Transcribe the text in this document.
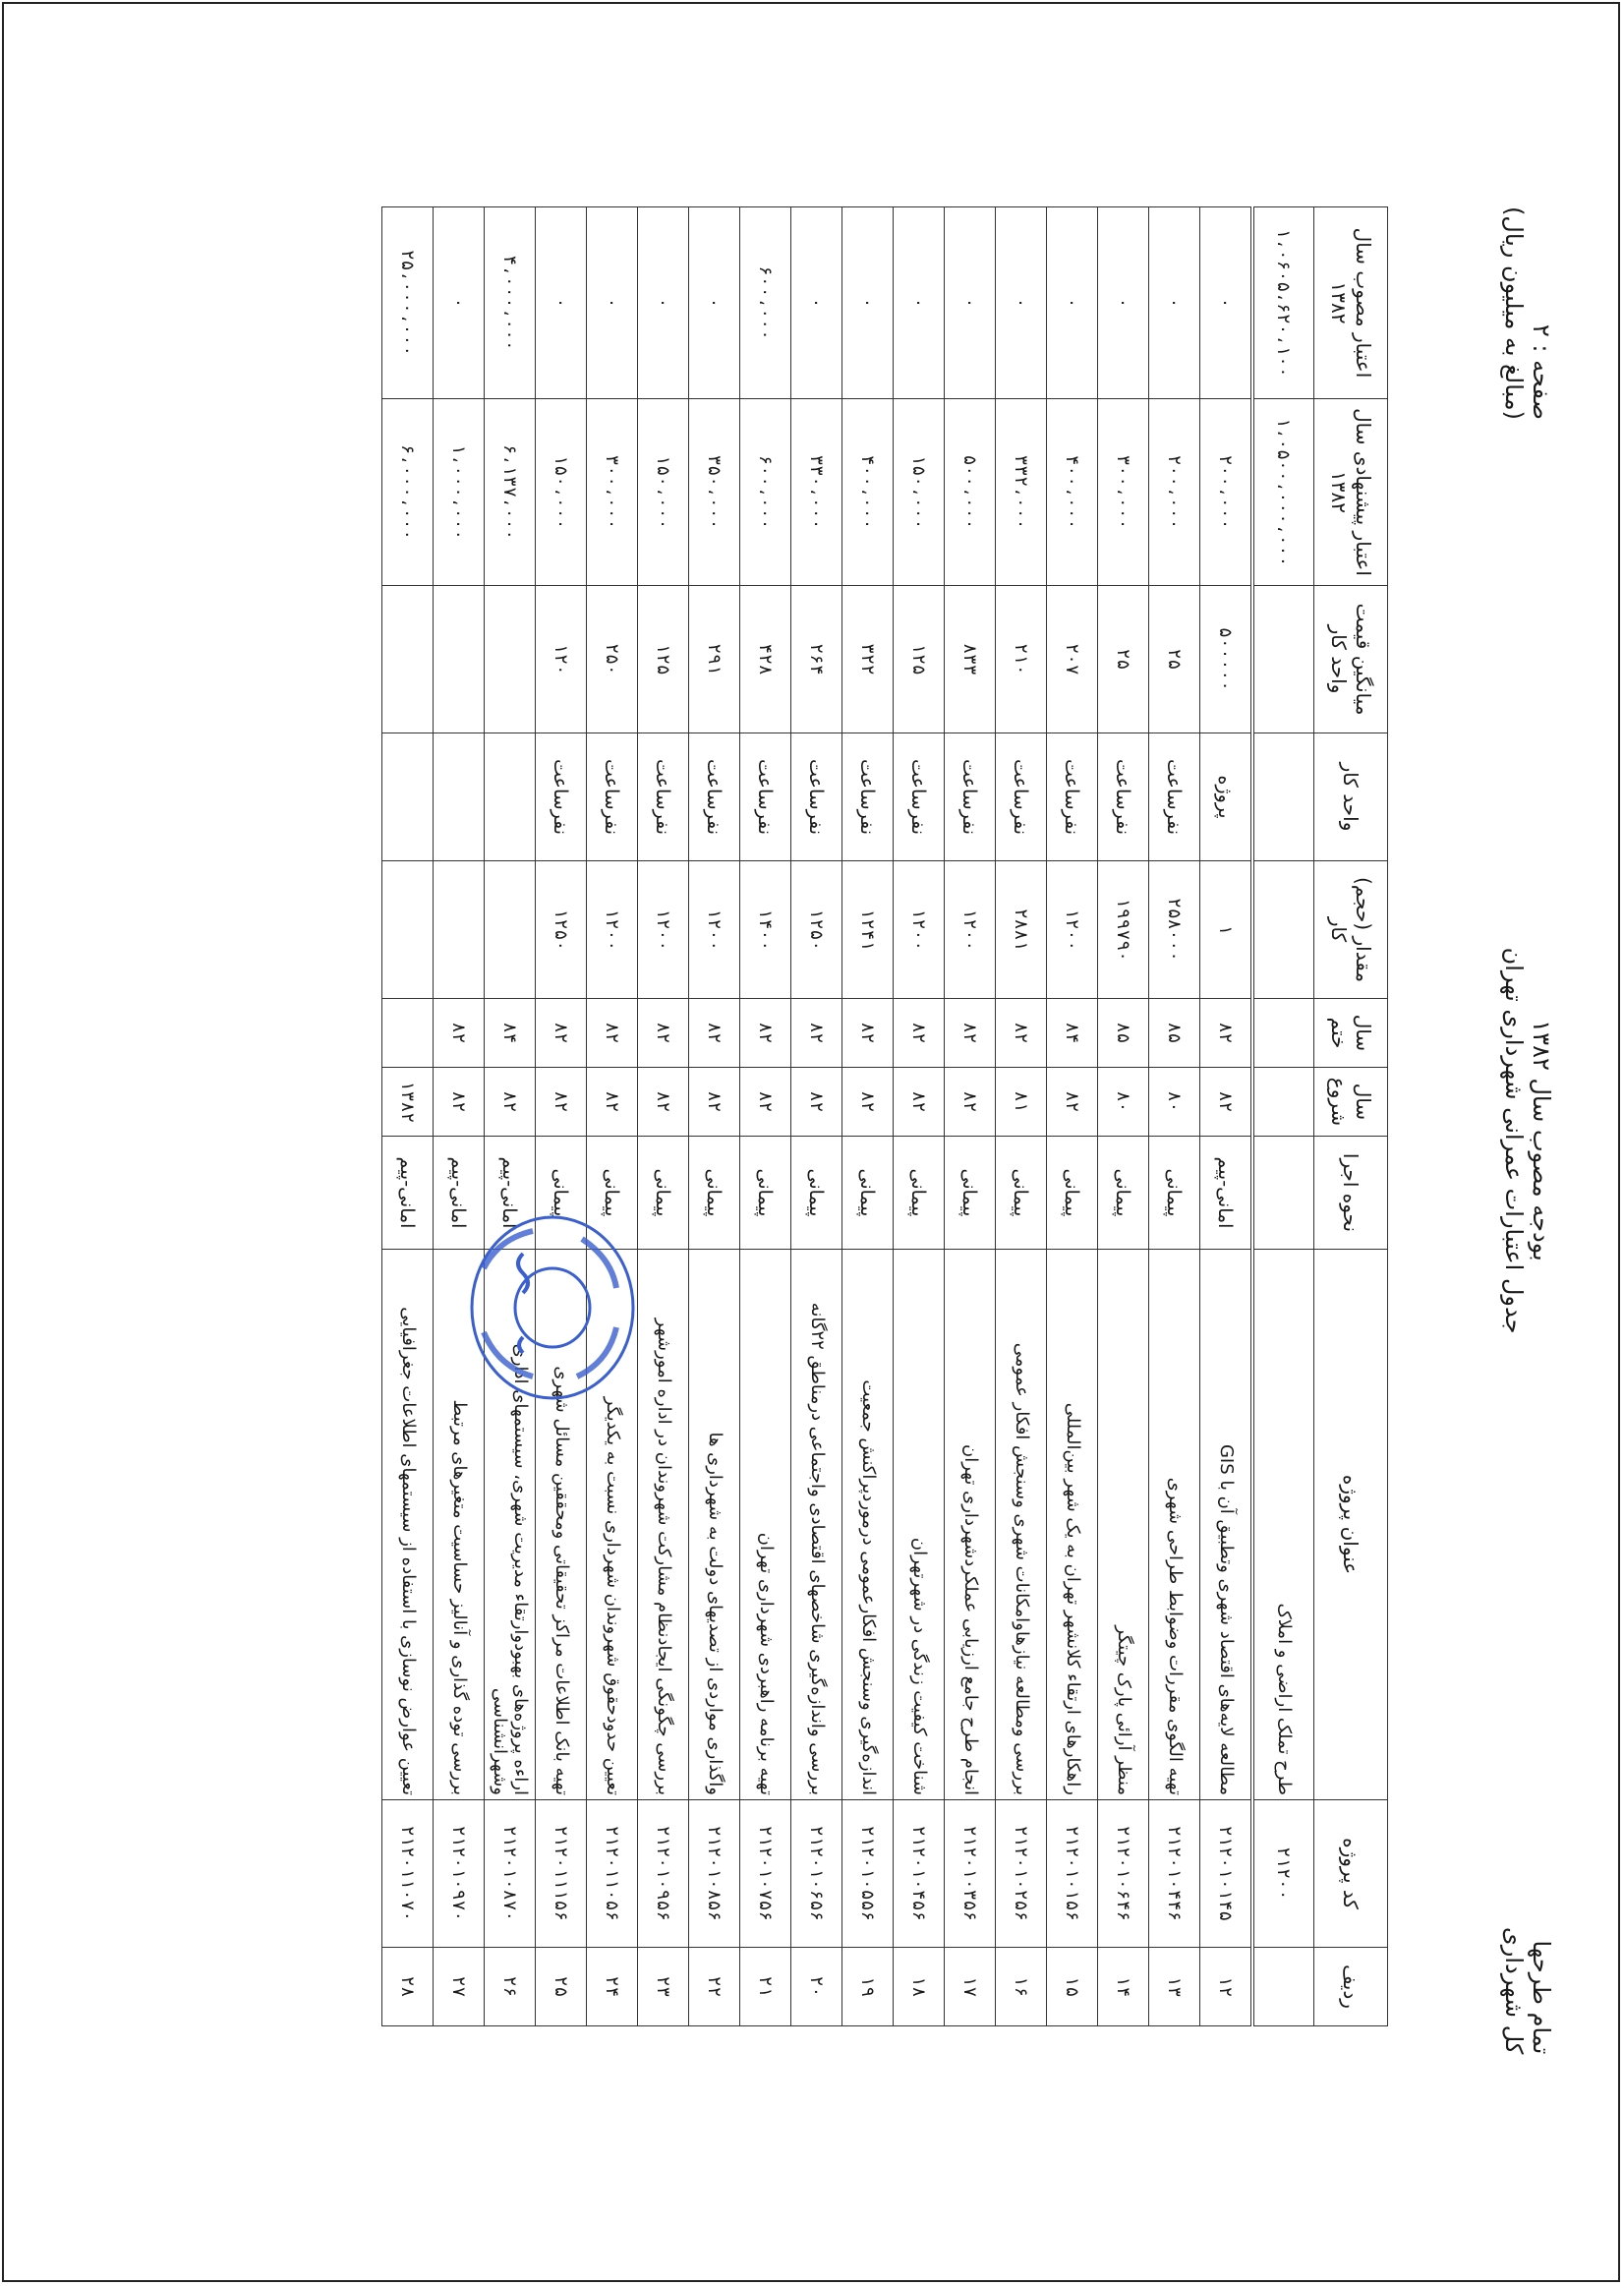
تمام طرحها
کل شهرداری
بودجه مصوب سال ۱۳۸۲
جدول اعتبارات عمرانی شهرداری تهران
صفحه : ۲
(مبالغ به میلیون ریال)
ردیف	کد پروژه	عنوان پروژه	نحوه اجرا	سال شروع	سال ختم	مقدار (حجم) کار	واحد کار	میانگین قیمت واحد کار	اعتبار پیشنهادی سال ۱۳۸۲	اعتبار مصوب سال ۱۳۸۲
	۲۱۲۰۰	طرح تملک اراضی و املاک							۱،۰۵۰۰،۰۰۰،۰۰۰	۱،۰۶۰۵،۶۲۰،۱۰۰
۱۲	۲۱۲۰۱۰۱۴۵	مطالعه لایه‌های اقتصاد شهری وتطبیق آن با GIS	امانی-پیم	۸۲	۸۲	۱	پروژه	۵۰۰۰۰۰	۲۰۰،۰۰۰	۰
۱۳	۲۱۲۰۱۰۴۴۶	تهیه الگوی مقررات وضوابط طراحی شهری	پیمانی	۸۰	۸۵	۲۵۸۰۰۰	نفرساعت	۲۵	۲۰۰،۰۰۰	۰
۱۴	۲۱۲۰۱۰۶۴۶	منظر آرائی پارک چیتگر	پیمانی	۸۰	۸۵	۱۹۹۷۹۰	نفرساعت	۲۵	۳۰۰،۰۰۰	۰
۱۵	۲۱۲۰۱۰۱۵۶	راهکارهای ارتقاء کلانشهر تهران به یک شهر بین‌المللی	پیمانی	۸۲	۸۴	۱۲۰۰	نفرساعت	۲۰۷	۴۰۰،۰۰۰	۰
۱۶	۲۱۲۰۱۰۲۵۶	بررسی ومطالعه نیازهاوامکانات شهری وسنجش افکار عمومی	پیمانی	۸۱	۸۲	۲۸۸۱	نفرساعت	۲۱۰	۳۳۲،۰۰۰	۰
۱۷	۲۱۲۰۱۰۳۵۶	انجام طرح جامع ارزیابی عملکردشهرداری تهران	پیمانی	۸۲	۸۲	۱۲۰۰	نفرساعت	۸۳۳	۵۰۰،۰۰۰	۰
۱۸	۲۱۲۰۱۰۴۵۶	شناخت کیفیت زندگی در شهرتهران	پیمانی	۸۲	۸۲	۱۲۰۰	نفرساعت	۱۲۵	۱۵۰،۰۰۰	۰
۱۹	۲۱۲۰۱۰۵۵۶	اندازه‌گیری وسنجش افکارعمومی درموردپراکنش جمعیت	پیمانی	۸۲	۸۲	۱۲۴۱	نفرساعت	۳۲۲	۴۰۰،۰۰۰	۰
۲۰	۲۱۲۰۱۰۶۵۶	بررسی واندازه‌گیری شاخصهای اقتصادی واجتماعی درمناطق ۲۲گانه	پیمانی	۸۲	۸۲	۱۲۵۰	نفرساعت	۲۶۴	۳۳۰،۰۰۰	۰
۲۱	۲۱۲۰۱۰۷۵۶	تهیه برنامه راهبردی شهرداری تهران	پیمانی	۸۲	۸۲	۱۴۰۰	نفرساعت	۴۲۸	۶۰۰،۰۰۰	۶۰۰،۰۰۰
۲۲	۲۱۲۰۱۰۸۵۶	واگذاری مواردی از تصدیهای دولت به شهرداری ها	پیمانی	۸۲	۸۲	۱۲۰۰	نفرساعت	۲۹۱	۳۵۰،۰۰۰	۰
۲۳	۲۱۲۰۱۰۹۵۶	بررسی چگونگی ایجادنظام مشارکت شهروندان در اداره امورشهر	پیمانی	۸۲	۸۲	۱۲۰۰	نفرساعت	۱۲۵	۱۵۰،۰۰۰	۰
۲۴	۲۱۲۰۱۱۰۵۶	تعیین حدودحقوق شهروندان شهرداری نسبت به یکدیگر	پیمانی	۸۲	۸۲	۱۲۰۰	نفرساعت	۲۵۰	۳۰۰،۰۰۰	۰
۲۵	۲۱۲۰۱۱۱۵۶	تهیه بانک اطلاعات مراکز تحقیقاتی ومحققین مسائل شهری	پیمانی	۸۲	۸۲	۱۲۵۰	نفرساعت	۱۲۰	۱۵۰،۰۰۰	۰
۲۶	۲۱۲۰۱۰۸۷۰	اراءه پروژه‌های بهبودوارتقاء مدیریت شهری، سیستمهای اداری وشهرانشناسی	امانی-پیم	۸۲	۸۴				۶،۱۳۷،۰۰۰	۴،۰۰۰،۰۰۰
۲۷	۲۱۲۰۱۰۹۷۰	بررسی توده گذاری و آنالیز حساسیت متغیرهای مرتبط	امانی-پیم	۸۲	۸۲				۱،۰۰۰،۰۰۰	۰
۲۸	۲۱۲۰۱۱۰۷۰	تعیین عوارض نوسازی با استفاده از سیستمهای اطلاعات جغرافیایی	امانی-پیم	۱۳۸۲					۶،۰۰۰،۰۰۰	۲۵،۰۰۰،۰۰۰
